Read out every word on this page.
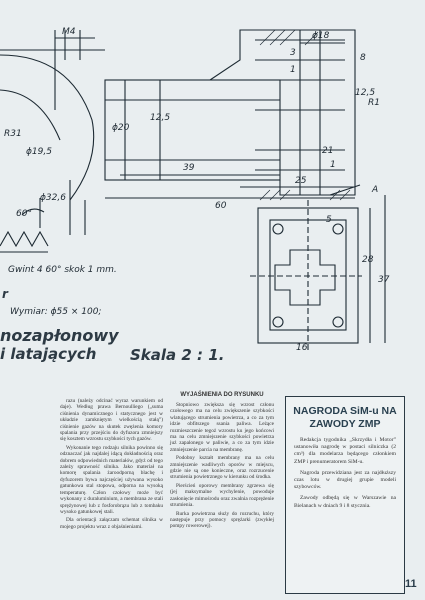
M4	ϕ18
3
1
8
12,5
12,5
ϕ20
R1
21
1
39
25
60
R31
ϕ19,5
ϕ32,6
60°
5
28
37
16
A
Gwint 4 60° skok 1 mm.
r
Wymiar: ϕ55 × 100;
nozapłonowy
i latających Skala 2 : 1.

razu (należy odcinać wyraz warunkiem od daje). Według prawa Bernoulliego („suma ciśnienia dynamicznego i statycznego jest w układzie zamkniętym wielkością stałą”) ciśnienie gazów na skutek zwężenia komory spalania przy przejściu do dyfuzora zmniejszy się kosztem wzrostu szybkości tych gazów.

Wykonanie tego rodzaju silnika powinno się odznaczać jak najdalej idącą dokładnością oraz dobrem odpowiednich materiałów, gdyż od tego zależy sprawność silnika. Jako materiał na komorę spalania żaroodporną blachę i dyfuzorem bywa najczęściej używana wysoko gatunkowa stal stopowa, odporna na wysoką temperaturę. Człon czołowy może być wykonany z duraluminium, a membrana ze stali sprężynowej lub z fosforobrązu lub z tombaku wysoko gatunkowej stali.

Dla orientacji załączam schemat silnika w mojego projektu wraz z objaśnieniami.

WYJAŚNIENIA DO RYSUNKU

Stopniowo zwiększa się wzrost członu czołowego ma na celu zwiększenie szybkości wlatującego strumienia powietrza, a co za tym idzie obfitszego ssania paliwa. Leżące rozmieszczenie tegoż wzrostu ku jego końcowi ma na celu zmniejszenie szybkości powietrza już zapalonego w paliwie, a co za tym idzie zmniejszenie parcia na membranę.

Podobny kształt membrany ma na celu zmniejszenie wadliwych oporów w miejscu, gdzie nie są one konieczne, oraz rozrzucenie strumienia powietrznego w kierunku od środka.

Pierścień oporowy membrany zgrzewa się (jej maksymalne wychylenie, powoduje zasłonięcie mimośrodu oraz zwalnia rozprężenie strumienia.

Rurka powietrzna służy do rozruchu, który następuje przy pomocy sprężarki (zwykłej pompy rowerowej).

NAGRODA SiM-u NA ZAWODY ZMP

Redakcja tygodnika „Skrzydła i Motor” ustanowiła nagrodę w postaci silniczka (2 cm³) dla modelarza będącego członkiem ZMP i prenumeratorem SiM-u.

Nagroda przewidziana jest za najdłuższy czas lotu w drugiej grupie modeli szybowców.

Zawody odbędą się w Warszawie na Bielanach w dniach 9 i 8 stycznia.

11
